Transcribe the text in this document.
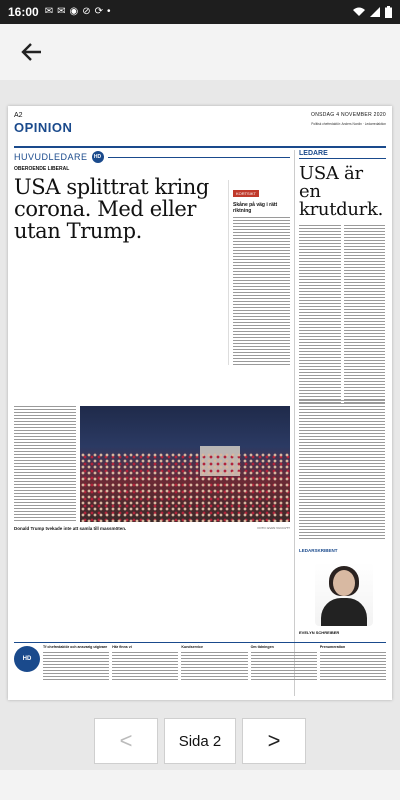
16:00 ✉ ✉ ◉ ⊘ ⟳ •
A2	ONSDAG 4 NOVEMBER 2020
OPINION	Politisk chefredaktör: Anders Nordin · Ledarredaktion
HUVUDLEDARE	HD
OBEROENDE LIBERAL
USA splittrat kring corona. Med eller utan Trump.
KORTSIKT
Skåne på väg i rätt riktning
Donald Trump tvekade inte att samla till massmöten.	FOTO: EVAN VUCCI/TT
LEDARE
USA är en krutdurk.
LEDARSKRIBENT
EVELYN SCHREIBER
HD
Tf chefredaktör och ansvarig utgivare	Här finns vi	Kundservice	Om tidningen	Prenumeration
<	Sida 2	>
